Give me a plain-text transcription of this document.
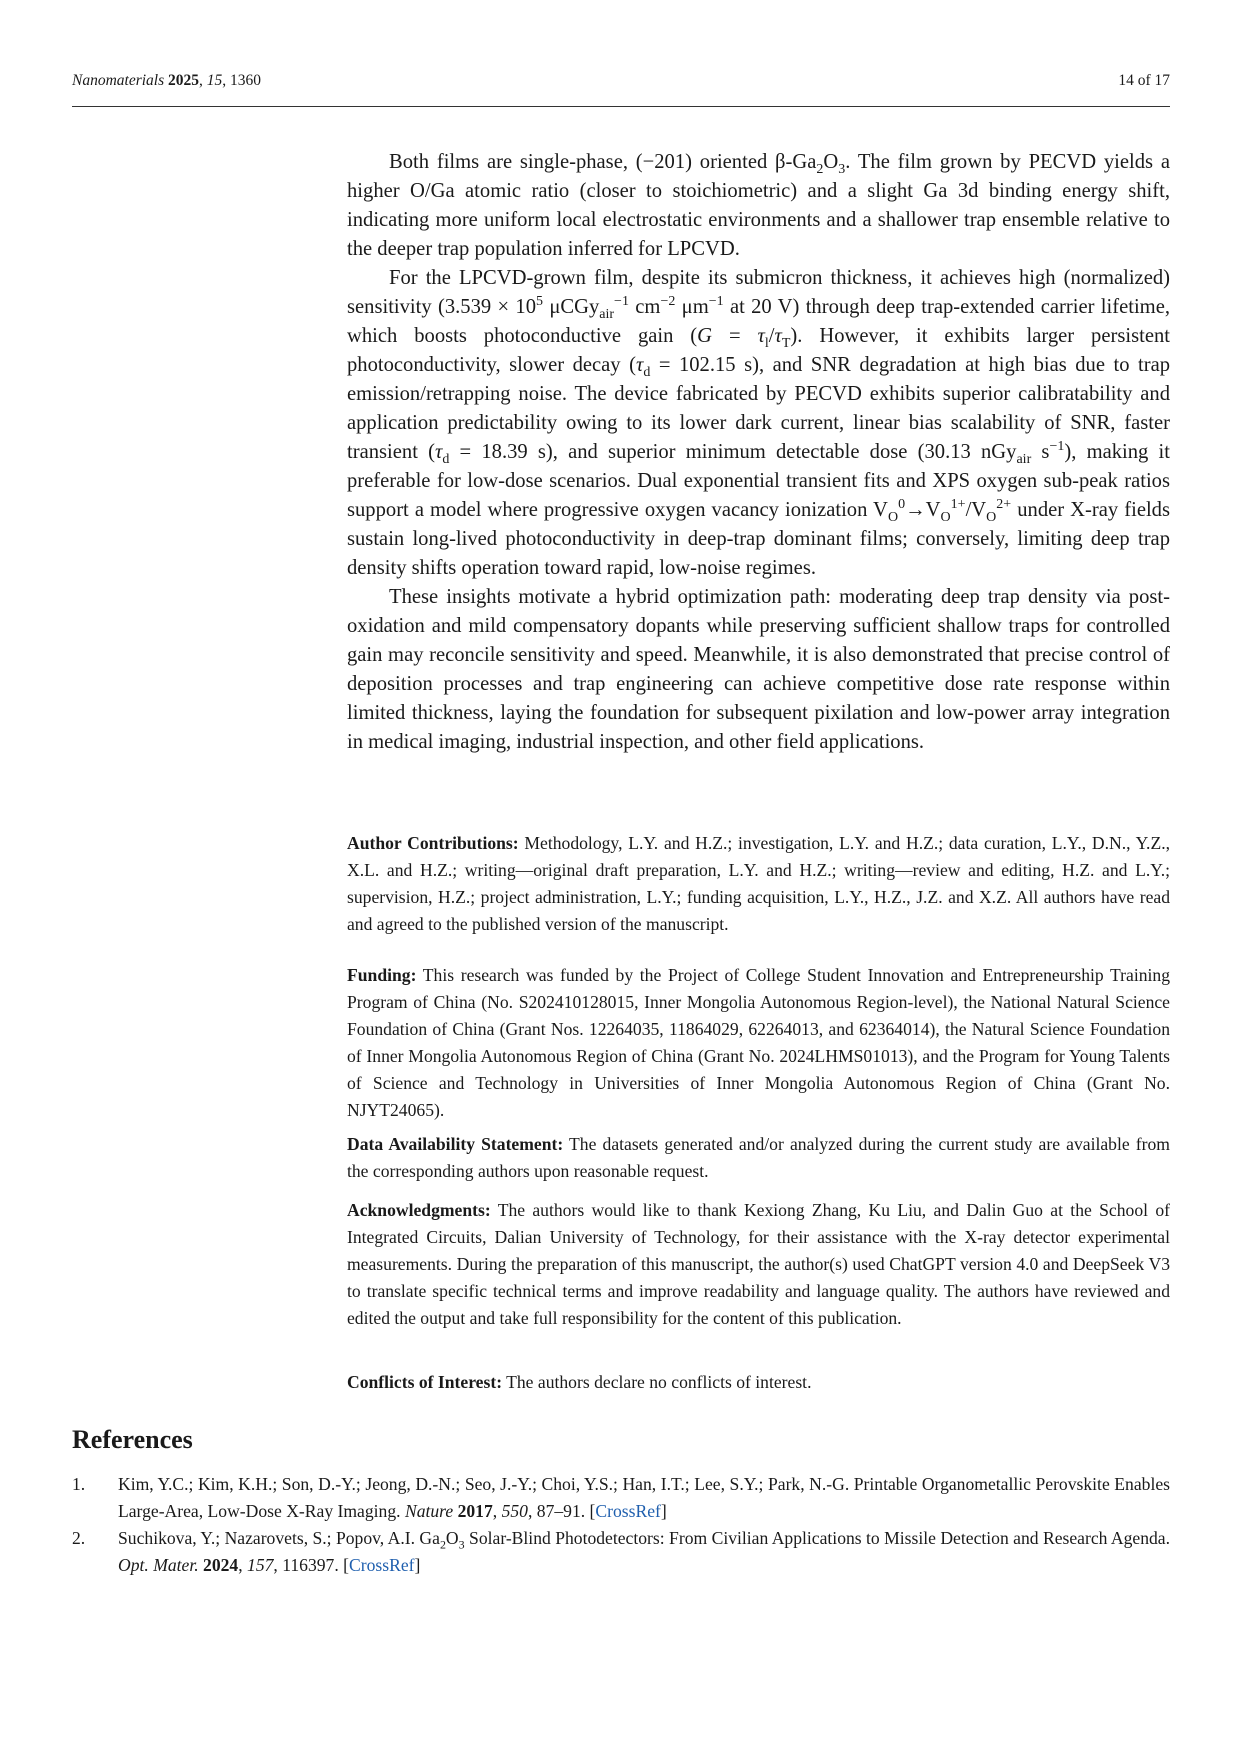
Nanomaterials 2025, 15, 1360	14 of 17

Both films are single-phase, (−201) oriented $\beta-Ga_2O_3$. The film grown by PECVD yields a higher O/Ga atomic ratio (closer to stoichiometric) and a slight Ga 3d binding energy shift, indicating more uniform local electrostatic environments and a shallower trap ensemble relative to the deeper trap population inferred for LPCVD.

For the LPCVD-grown film, despite its submicron thickness, it achieves high (normalized) sensitivity ($3.539 \times 10^5$ μCGy$_{air}^{-1}$ $cm^{-2}$ $\mu m^{-1}$ at 20 V) through deep trap-extended carrier lifetime, which boosts photoconductive gain $(G = \tau_l/\tau_T)$. However, it exhibits larger persistent photoconductivity, slower decay ($\tau_d = 102.15$ s), and SNR degradation at high bias due to trap emission/retrapping noise. The device fabricated by PECVD exhibits superior calibratability and application predictability owing to its lower dark current, linear bias scalability of SNR, faster transient ($\tau_d = 18.39$ s), and superior minimum detectable dose (30.13 nGy$_{air}$ $s^{-1}$), making it preferable for low-dose scenarios. Dual exponential transient fits and XPS oxygen sub-peak ratios support a model where progressive oxygen vacancy ionization $V_O^0\to V_O^{1+}/V_O^{2+}$ under X-ray fields sustain long-lived photoconductivity in deep-trap dominant films; conversely, limiting deep trap density shifts operation toward rapid, low-noise regimes.

These insights motivate a hybrid optimization path: moderating deep trap density via post-oxidation and mild compensatory dopants while preserving sufficient shallow traps for controlled gain may reconcile sensitivity and speed. Meanwhile, it is also demonstrated that precise control of deposition processes and trap engineering can achieve competitive dose rate response within limited thickness, laying the foundation for subsequent pixilation and low-power array integration in medical imaging, industrial inspection, and other field applications.

Author Contributions: Methodology, L.Y. and H.Z.; investigation, L.Y. and H.Z.; data curation, L.Y., D.N., Y.Z., X.L. and H.Z.; writing—original draft preparation, L.Y. and H.Z.; writing—review and editing, H.Z. and L.Y.; supervision, H.Z.; project administration, L.Y.; funding acquisition, L.Y., H.Z., J.Z. and X.Z. All authors have read and agreed to the published version of the manuscript.

Funding: This research was funded by the Project of College Student Innovation and Entrepreneurship Training Program of China (No. S202410128015, Inner Mongolia Autonomous Region-level), the National Natural Science Foundation of China (Grant Nos. 12264035, 11864029, 62264013, and 62364014), the Natural Science Foundation of Inner Mongolia Autonomous Region of China (Grant No. 2024LHMS01013), and the Program for Young Talents of Science and Technology in Universities of Inner Mongolia Autonomous Region of China (Grant No. NJYT24065).

Data Availability Statement: The datasets generated and/or analyzed during the current study are available from the corresponding authors upon reasonable request.

Acknowledgments: The authors would like to thank Kexiong Zhang, Ku Liu, and Dalin Guo at the School of Integrated Circuits, Dalian University of Technology, for their assistance with the X-ray detector experimental measurements. During the preparation of this manuscript, the author(s) used ChatGPT version 4.0 and DeepSeek V3 to translate specific technical terms and improve readability and language quality. The authors have reviewed and edited the output and take full responsibility for the content of this publication.

Conflicts of Interest: The authors declare no conflicts of interest.

References
1. Kim, Y.C.; Kim, K.H.; Son, D.-Y.; Jeong, D.-N.; Seo, J.-Y.; Choi, Y.S.; Han, I.T.; Lee, S.Y.; Park, N.-G. Printable Organometallic Perovskite Enables Large-Area, Low-Dose X-Ray Imaging. Nature 2017, 550, 87–91. [CrossRef]
2. Suchikova, Y.; Nazarovets, S.; Popov, A.I. $Ga_2O_3$ Solar-Blind Photodetectors: From Civilian Applications to Missile Detection and Research Agenda. Opt. Mater. 2024, 157, 116397. [CrossRef]
